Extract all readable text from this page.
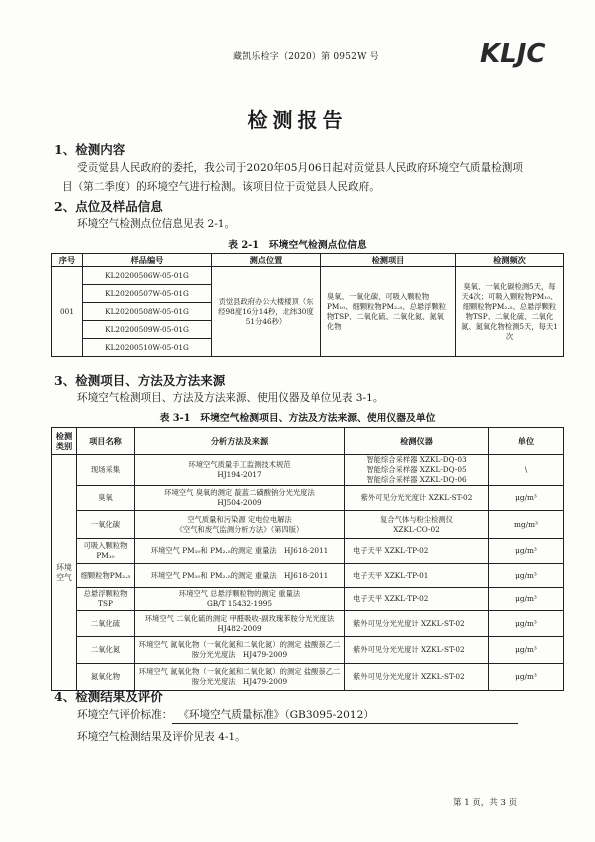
藏凯乐检字（2020）第 0952W 号	KLJC
检测报告
1、检测内容
受贡觉县人民政府的委托，我公司于2020年05月06日起对贡觉县人民政府环境空气质量检测项
目（第二季度）的环境空气进行检测。该项目位于贡觉县人民政府。
2、点位及样品信息
环境空气检测点位信息见表 2-1。
表 2-1　环境空气检测点位信息
序号	样品编号	测点位置	检测项目	检测频次
001	KL20200506W-05-01G	贡觉县政府办公大楼楼顶（东经98度16分14秒，北纬30度51分46秒）	臭氧、一氧化碳、可吸入颗粒物PM₁₀、细颗粒物PM₂.₅、总悬浮颗粒物TSP、二氧化硫、二氧化氮、氮氧化物	臭氧、一氧化碳检测5天，每天4次；可吸入颗粒物PM₁₀、细颗粒物PM₂.₅、总悬浮颗粒物TSP、二氧化硫、二氧化氮、氮氧化物检测5天，每天1次
	KL20200507W-05-01G			
	KL20200508W-05-01G			
	KL20200509W-05-01G			
	KL20200510W-05-01G			
3、检测项目、方法及方法来源
环境空气检测项目、方法及方法来源、使用仪器及单位见表 3-1。
表 3-1　环境空气检测项目、方法及方法来源、使用仪器及单位
检测类别	项目名称	分析方法及来源	检测仪器	单位
环境空气	现场采集	环境空气质量手工监测技术规范
HJ194-2017	智能综合采样器 XZKL-DQ-03
智能综合采样器 XZKL-DQ-05
智能综合采样器 XZKL-DQ-06	\
	臭氧	环境空气 臭氧的测定 靛蓝二磺酸钠分光光度法
HJ504-2009	紫外可见分光光度计 XZKL-ST-02	μg/m³
	一氧化碳	空气质量和污染源 定电位电解法
《空气和废气监测分析方法》（第四版）	复合气体与粉尘检测仪
XZKL-CO-02	mg/m³
	可吸入颗粒物PM₁₀	环境空气 PM₁₀和 PM₂.₅的测定 重量法　HJ618-2011	电子天平 XZKL-TP-02	μg/m³
	细颗粒物PM₂.₅	环境空气 PM₁₀和 PM₂.₅的测定 重量法　HJ618-2011	电子天平 XZKL-TP-01	μg/m³
	总悬浮颗粒物TSP	环境空气 总悬浮颗粒物的测定 重量法
GB/T 15432-1995	电子天平 XZKL-TP-02	μg/m³
	二氧化硫	环境空气 二氧化硫的测定 甲醛吸收-副玫瑰苯胺分光光度法　HJ482-2009	紫外可见分光光度计 XZKL-ST-02	μg/m³
	二氧化氮	环境空气 氮氧化物（一氧化氮和二氧化氮）的测定 盐酸萘乙二胺分光光度法　HJ479-2009	紫外可见分光光度计 XZKL-ST-02	μg/m³
	氮氧化物	环境空气 氮氧化物（一氧化氮和二氧化氮）的测定 盐酸萘乙二胺分光光度法　HJ479-2009	紫外可见分光光度计 XZKL-ST-02	μg/m³
4、检测结果及评价
环境空气评价标准： 《环境空气质量标准》（GB3095-2012）
环境空气检测结果及评价见表 4-1。
第 1 页，共 3 页
